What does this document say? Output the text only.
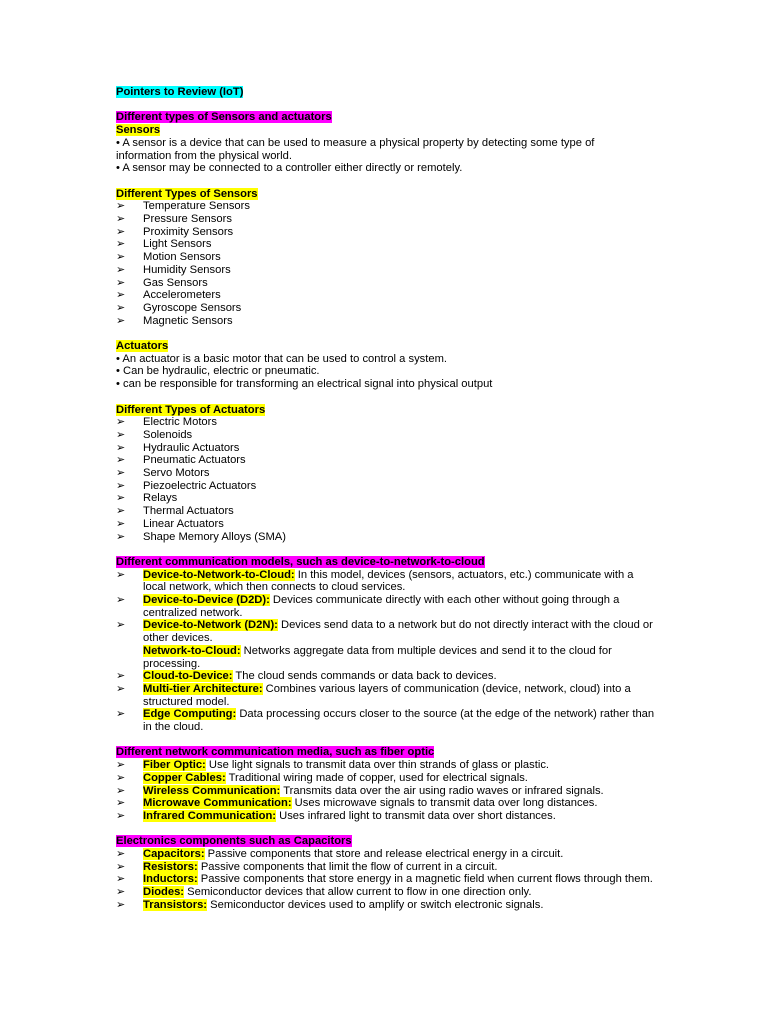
Pointers to Review (IoT)

Different types of Sensors and actuators

Sensors

• A sensor is a device that can be used to measure a physical property by detecting some type of information from the physical world.

• A sensor may be connected to a controller either directly or remotely.

Different Types of Sensors

➢ Temperature Sensors
➢ Pressure Sensors
➢ Proximity Sensors
➢ Light Sensors
➢ Motion Sensors
➢ Humidity Sensors
➢ Gas Sensors
➢ Accelerometers
➢ Gyroscope Sensors
➢ Magnetic Sensors

Actuators

• An actuator is a basic motor that can be used to control a system.

• Can be hydraulic, electric or pneumatic.

• can be responsible for transforming an electrical signal into physical output

Different Types of Actuators

➢ Electric Motors
➢ Solenoids
➢ Hydraulic Actuators
➢ Pneumatic Actuators
➢ Servo Motors
➢ Piezoelectric Actuators
➢ Relays
➢ Thermal Actuators
➢ Linear Actuators
➢ Shape Memory Alloys (SMA)

Different communication models, such as device-to-network-to-cloud

➢ Device-to-Network-to-Cloud: In this model, devices (sensors, actuators, etc.) communicate with a local network, which then connects to cloud services.
➢ Device-to-Device (D2D): Devices communicate directly with each other without going through a centralized network.
➢ Device-to-Network (D2N): Devices send data to a network but do not directly interact with the cloud or other devices.
Network-to-Cloud: Networks aggregate data from multiple devices and send it to the cloud for processing.
➢ Cloud-to-Device: The cloud sends commands or data back to devices.
➢ Multi-tier Architecture: Combines various layers of communication (device, network, cloud) into a structured model.
➢ Edge Computing: Data processing occurs closer to the source (at the edge of the network) rather than in the cloud.

Different network communication media, such as fiber optic

➢ Fiber Optic: Use light signals to transmit data over thin strands of glass or plastic.
➢ Copper Cables: Traditional wiring made of copper, used for electrical signals.
➢ Wireless Communication: Transmits data over the air using radio waves or infrared signals.
➢ Microwave Communication: Uses microwave signals to transmit data over long distances.
➢ Infrared Communication: Uses infrared light to transmit data over short distances.

Electronics components such as Capacitors

➢ Capacitors: Passive components that store and release electrical energy in a circuit.
➢ Resistors: Passive components that limit the flow of current in a circuit.
➢ Inductors: Passive components that store energy in a magnetic field when current flows through them.
➢ Diodes: Semiconductor devices that allow current to flow in one direction only.
➢ Transistors: Semiconductor devices used to amplify or switch electronic signals.
